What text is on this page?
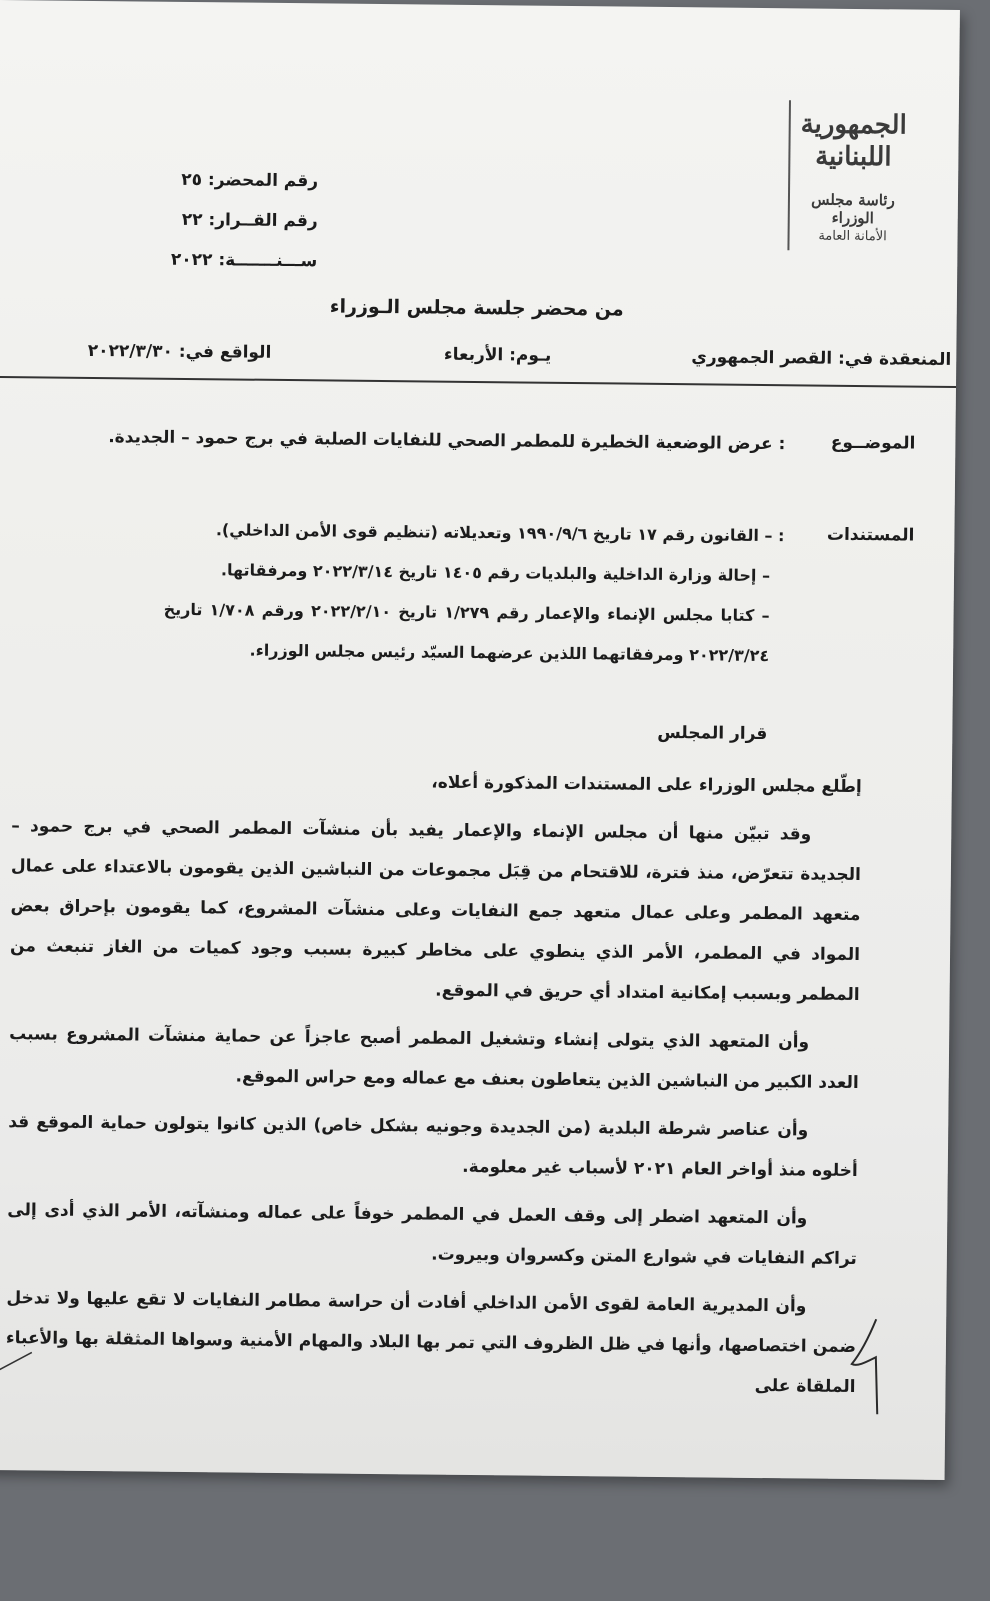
الجمهورية
اللبنانية
رئاسة مجلس الوزراء
الأمانة العامة
رقم المحضر: ٢٥
رقم القــرار: ٢٢
ســـنـــــــة: ٢٠٢٢
من محضر جلسة مجلس الـوزراء
المنعقدة في: القصر الجمهوري
يـوم: الأربعاء
الواقع في: ٢٠٢٢/٣/٣٠
الموضــوع
: عرض الوضعية الخطيرة للمطمر الصحي للنفايات الصلبة في برج حمود – الجديدة.
المستندات
: – القانون رقم ١٧ تاريخ ١٩٩٠/٩/٦ وتعديلاته (تنظيم قوى الأمن الداخلي).
– إحالة وزارة الداخلية والبلديات رقم ١٤٠٥ تاريخ ٢٠٢٢/٣/١٤ ومرفقاتها.
– كتابا مجلس الإنماء والإعمار رقم ١/٢٧٩ تاريخ ٢٠٢٢/٢/١٠ ورقم ١/٧٠٨ تاريخ ٢٠٢٢/٣/٢٤ ومرفقاتهما اللذين عرضهما السيّد رئيس مجلس الوزراء.
قرار المجلس

إطّلع مجلس الوزراء على المستندات المذكورة أعلاه،

وقد تبيّن منها أن مجلس الإنماء والإعمار يفيد بأن منشآت المطمر الصحي في برج حمود – الجديدة تتعرّض، منذ فترة، للاقتحام من قِبَل مجموعات من النباشين الذين يقومون بالاعتداء على عمال متعهد المطمر وعلى عمال متعهد جمع النفايات وعلى منشآت المشروع، كما يقومون بإحراق بعض المواد في المطمر، الأمر الذي ينطوي على مخاطر كبيرة بسبب وجود كميات من الغاز تنبعث من المطمر وبسبب إمكانية امتداد أي حريق في الموقع.

وأن المتعهد الذي يتولى إنشاء وتشغيل المطمر أصبح عاجزاً عن حماية منشآت المشروع بسبب العدد الكبير من النباشين الذين يتعاطون بعنف مع عماله ومع حراس الموقع.

وأن عناصر شرطة البلدية (من الجديدة وجونيه بشكل خاص) الذين كانوا يتولون حماية الموقع قد أخلوه منذ أواخر العام ٢٠٢١ لأسباب غير معلومة.

وأن المتعهد اضطر إلى وقف العمل في المطمر خوفاً على عماله ومنشآته، الأمر الذي أدى إلى تراكم النفايات في شوارع المتن وكسروان وبيروت.

وأن المديرية العامة لقوى الأمن الداخلي أفادت أن حراسة مطامر النفايات لا تقع عليها ولا تدخل ضمن اختصاصها، وأنها في ظل الظروف التي تمر بها البلاد والمهام الأمنية وسواها المثقلة بها والأعباء الملقاة على
